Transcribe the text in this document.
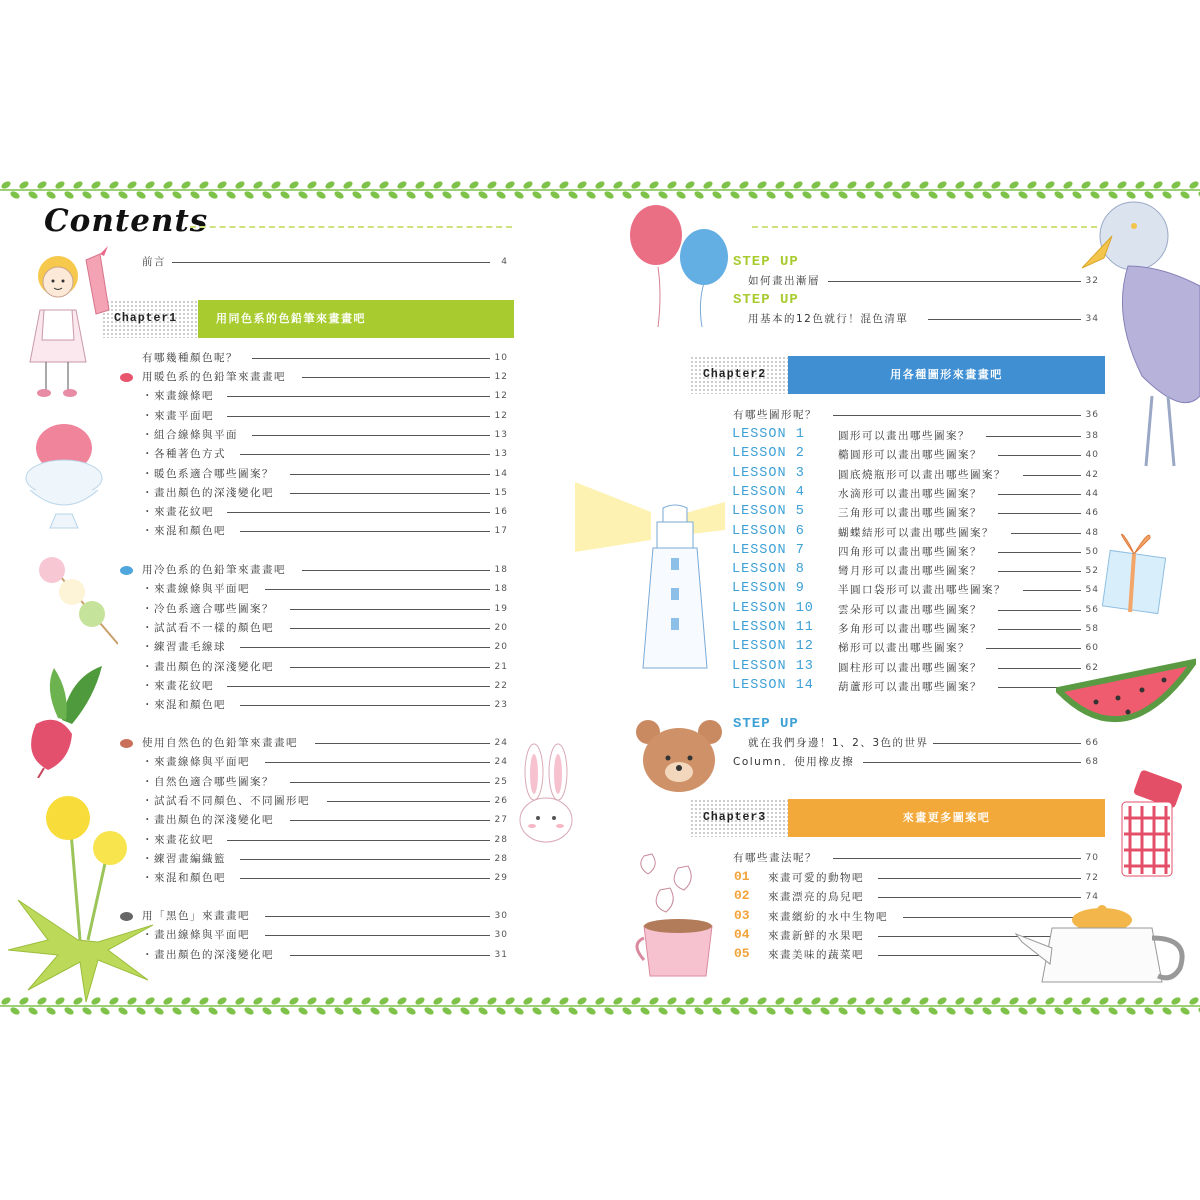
Contents
前言	4
Chapter1	用同色系的色鉛筆來畫畫吧
有哪幾種顏色呢？	10
用暖色系的色鉛筆來畫畫吧	12
・來畫線條吧	12
・來畫平面吧	12
・組合線條與平面	13
・各種著色方式	13
・暖色系適合哪些圖案？	14
・畫出顏色的深淺變化吧	15
・來畫花紋吧	16
・來混和顏色吧	17
用冷色系的色鉛筆來畫畫吧	18
・來畫線條與平面吧	18
・冷色系適合哪些圖案？	19
・試試看不一樣的顏色吧	20
・練習畫毛線球	20
・畫出顏色的深淺變化吧	21
・來畫花紋吧	22
・來混和顏色吧	23
使用自然色的色鉛筆來畫畫吧	24
・來畫線條與平面吧	24
・自然色適合哪些圖案？	25
・試試看不同顏色、不同圖形吧	26
・畫出顏色的深淺變化吧	27
・來畫花紋吧	28
・練習畫編織籃	28
・來混和顏色吧	29
用「黑色」來畫畫吧	30
・畫出線條與平面吧	30
・畫出顏色的深淺變化吧	31
STEP UP
如何畫出漸層	32
STEP UP
用基本的12色就行！混色清單	34
Chapter2	用各種圖形來畫畫吧
有哪些圖形呢？	36
LESSON 1	圓形可以畫出哪些圖案？	38
LESSON 2	橢圓形可以畫出哪些圖案？	40
LESSON 3	圓底燒瓶形可以畫出哪些圖案？	42
LESSON 4	水滴形可以畫出哪些圖案？	44
LESSON 5	三角形可以畫出哪些圖案？	46
LESSON 6	蝴蝶結形可以畫出哪些圖案？	48
LESSON 7	四角形可以畫出哪些圖案？	50
LESSON 8	彎月形可以畫出哪些圖案？	52
LESSON 9	半圓口袋形可以畫出哪些圖案？	54
LESSON 10 雲朵形可以畫出哪些圖案？	56
LESSON 11 多角形可以畫出哪些圖案？	58
LESSON 12 梯形可以畫出哪些圖案？	60
LESSON 13 圓柱形可以畫出哪些圖案？	62
LESSON 14 葫蘆形可以畫出哪些圖案？
STEP UP
就在我們身邊！1、2、3色的世界	66
Column．使用橡皮擦	68
Chapter3	來畫更多圖案吧
有哪些畫法呢？	70
01 來畫可愛的動物吧	72
02 來畫漂亮的鳥兒吧	74
03 來畫繽紛的水中生物吧
04 來畫新鮮的水果吧
05 來畫美味的蔬菜吧
